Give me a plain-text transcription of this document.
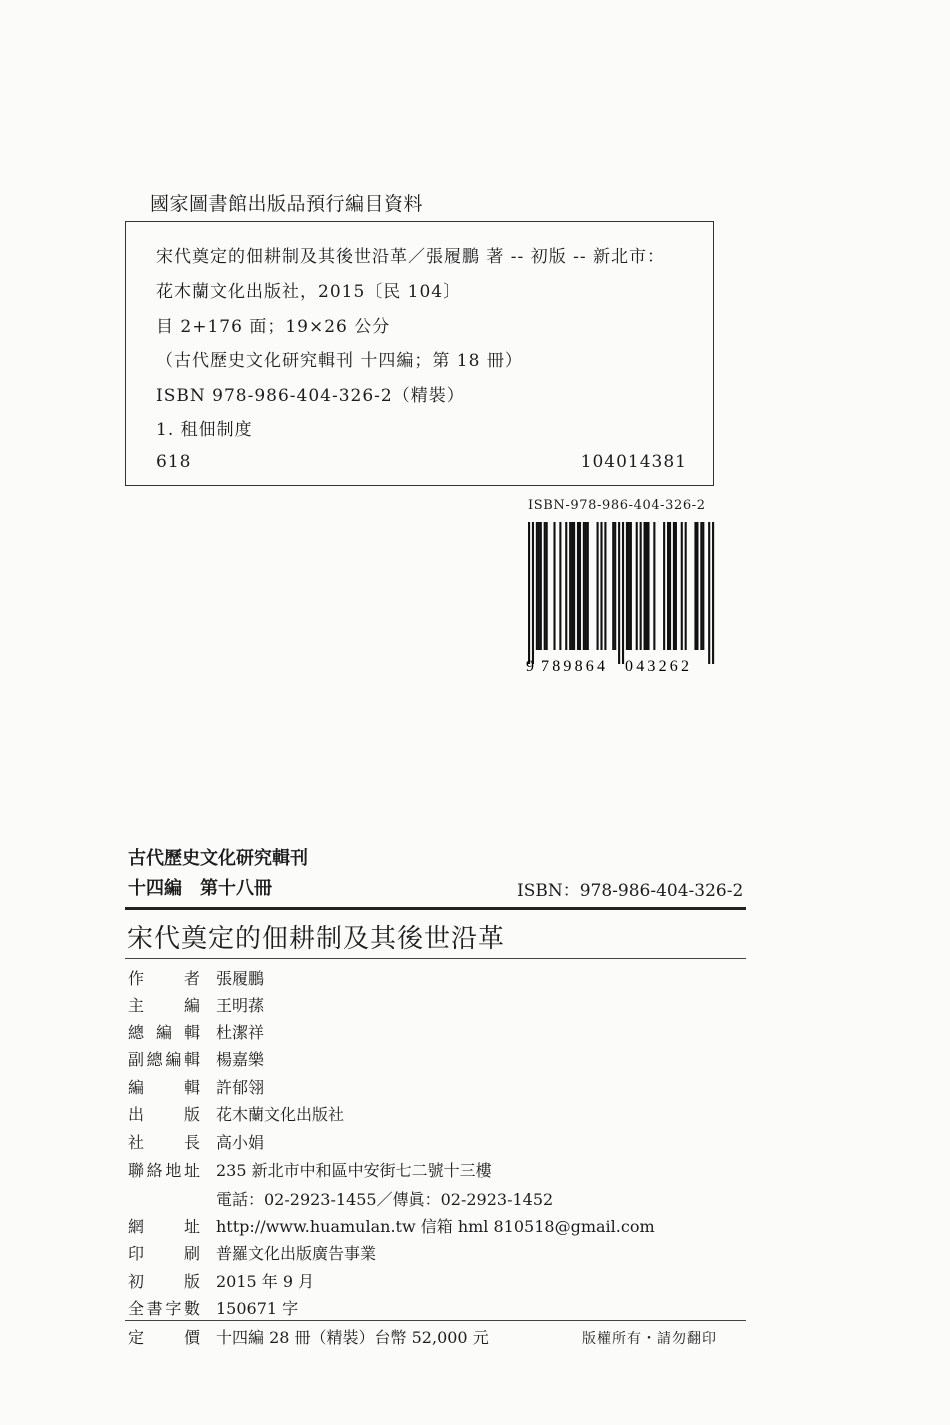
國家圖書館出版品預行編目資料
宋代奠定的佃耕制及其後世沿革／張履鵬 著 -- 初版 -- 新北市：
花木蘭文化出版社，2015〔民 104〕
目 2+176 面；19×26 公分
（古代歷史文化研究輯刊 十四編；第 18 冊）
ISBN 978-986-404-326-2（精裝）
1. 租佃制度
618	104014381
ISBN-978-986-404-326-2
9 789864 043262
古代歷史文化研究輯刊
十四編　第十八冊	ISBN：978-986-404-326-2
宋代奠定的佃耕制及其後世沿革
作者 張履鵬
主編 王明蓀
總編輯 杜潔祥
副總編輯 楊嘉樂
編輯 許郁翎
出版 花木蘭文化出版社
社長 高小娟
聯絡地址 235 新北市中和區中安街七二號十三樓
電話：02-2923-1455／傳眞：02-2923-1452
網址 http://www.huamulan.tw 信箱 hml 810518@gmail.com
印刷 普羅文化出版廣告事業
初版 2015 年 9 月
全書字數 150671 字
定價 十四編 28 冊（精裝）台幣 52,000 元	版權所有・請勿翻印
